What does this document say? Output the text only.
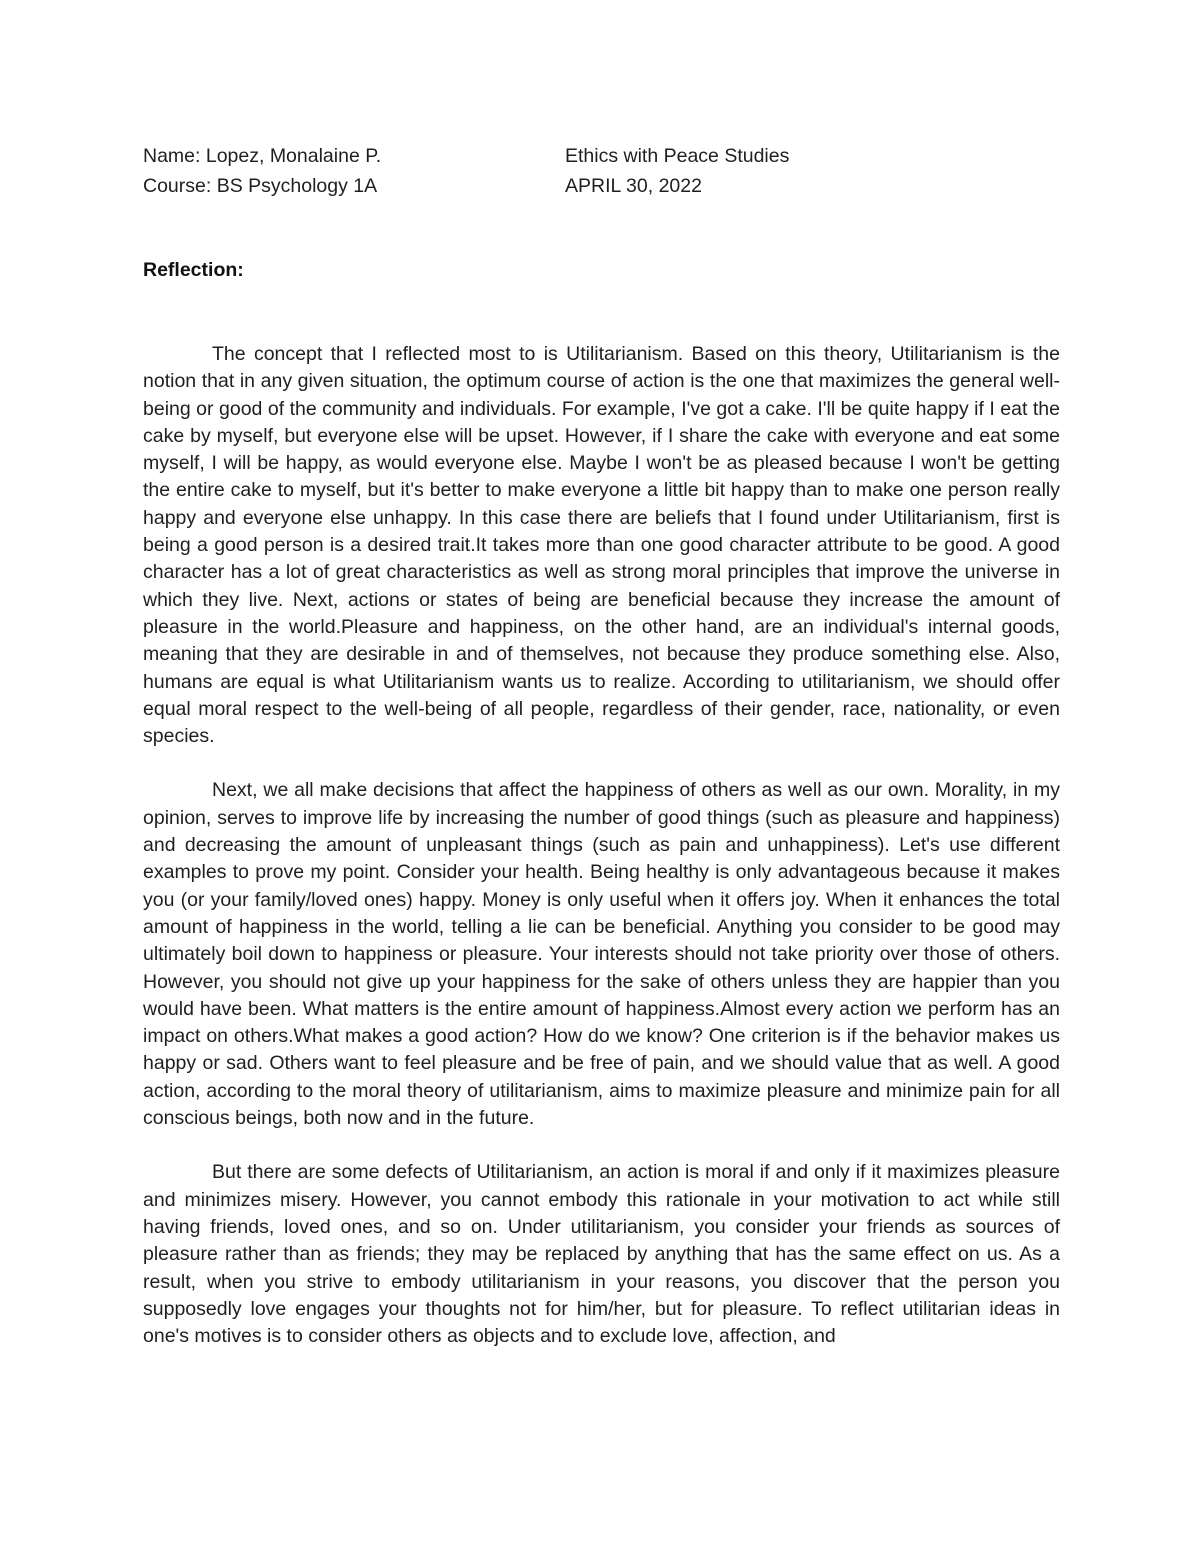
Name: Lopez, Monalaine P.	Ethics with Peace Studies
Course: BS Psychology 1A	APRIL 30, 2022
Reflection:

The concept that I reflected most to is Utilitarianism. Based on this theory, Utilitarianism is the notion that in any given situation, the optimum course of action is the one that maximizes the general well-being or good of the community and individuals. For example, I've got a cake. I'll be quite happy if I eat the cake by myself, but everyone else will be upset. However, if I share the cake with everyone and eat some myself, I will be happy, as would everyone else. Maybe I won't be as pleased because I won't be getting the entire cake to myself, but it's better to make everyone a little bit happy than to make one person really happy and everyone else unhappy. In this case there are beliefs that I found under Utilitarianism, first is being a good person is a desired trait.It takes more than one good character attribute to be good. A good character has a lot of great characteristics as well as strong moral principles that improve the universe in which they live. Next, actions or states of being are beneficial because they increase the amount of pleasure in the world.Pleasure and happiness, on the other hand, are an individual's internal goods, meaning that they are desirable in and of themselves, not because they produce something else. Also, humans are equal is what Utilitarianism wants us to realize. According to utilitarianism, we should offer equal moral respect to the well-being of all people, regardless of their gender, race, nationality, or even species.

Next, we all make decisions that affect the happiness of others as well as our own. Morality, in my opinion, serves to improve life by increasing the number of good things (such as pleasure and happiness) and decreasing the amount of unpleasant things (such as pain and unhappiness). Let's use different examples to prove my point. Consider your health. Being healthy is only advantageous because it makes you (or your family/loved ones) happy. Money is only useful when it offers joy. When it enhances the total amount of happiness in the world, telling a lie can be beneficial. Anything you consider to be good may ultimately boil down to happiness or pleasure. Your interests should not take priority over those of others. However, you should not give up your happiness for the sake of others unless they are happier than you would have been. What matters is the entire amount of happiness.Almost every action we perform has an impact on others.What makes a good action? How do we know? One criterion is if the behavior makes us happy or sad. Others want to feel pleasure and be free of pain, and we should value that as well. A good action, according to the moral theory of utilitarianism, aims to maximize pleasure and minimize pain for all conscious beings, both now and in the future.

But there are some defects of Utilitarianism, an action is moral if and only if it maximizes pleasure and minimizes misery. However, you cannot embody this rationale in your motivation to act while still having friends, loved ones, and so on. Under utilitarianism, you consider your friends as sources of pleasure rather than as friends; they may be replaced by anything that has the same effect on us. As a result, when you strive to embody utilitarianism in your reasons, you discover that the person you supposedly love engages your thoughts not for him/her, but for pleasure. To reflect utilitarian ideas in one's motives is to consider others as objects and to exclude love, affection, and
